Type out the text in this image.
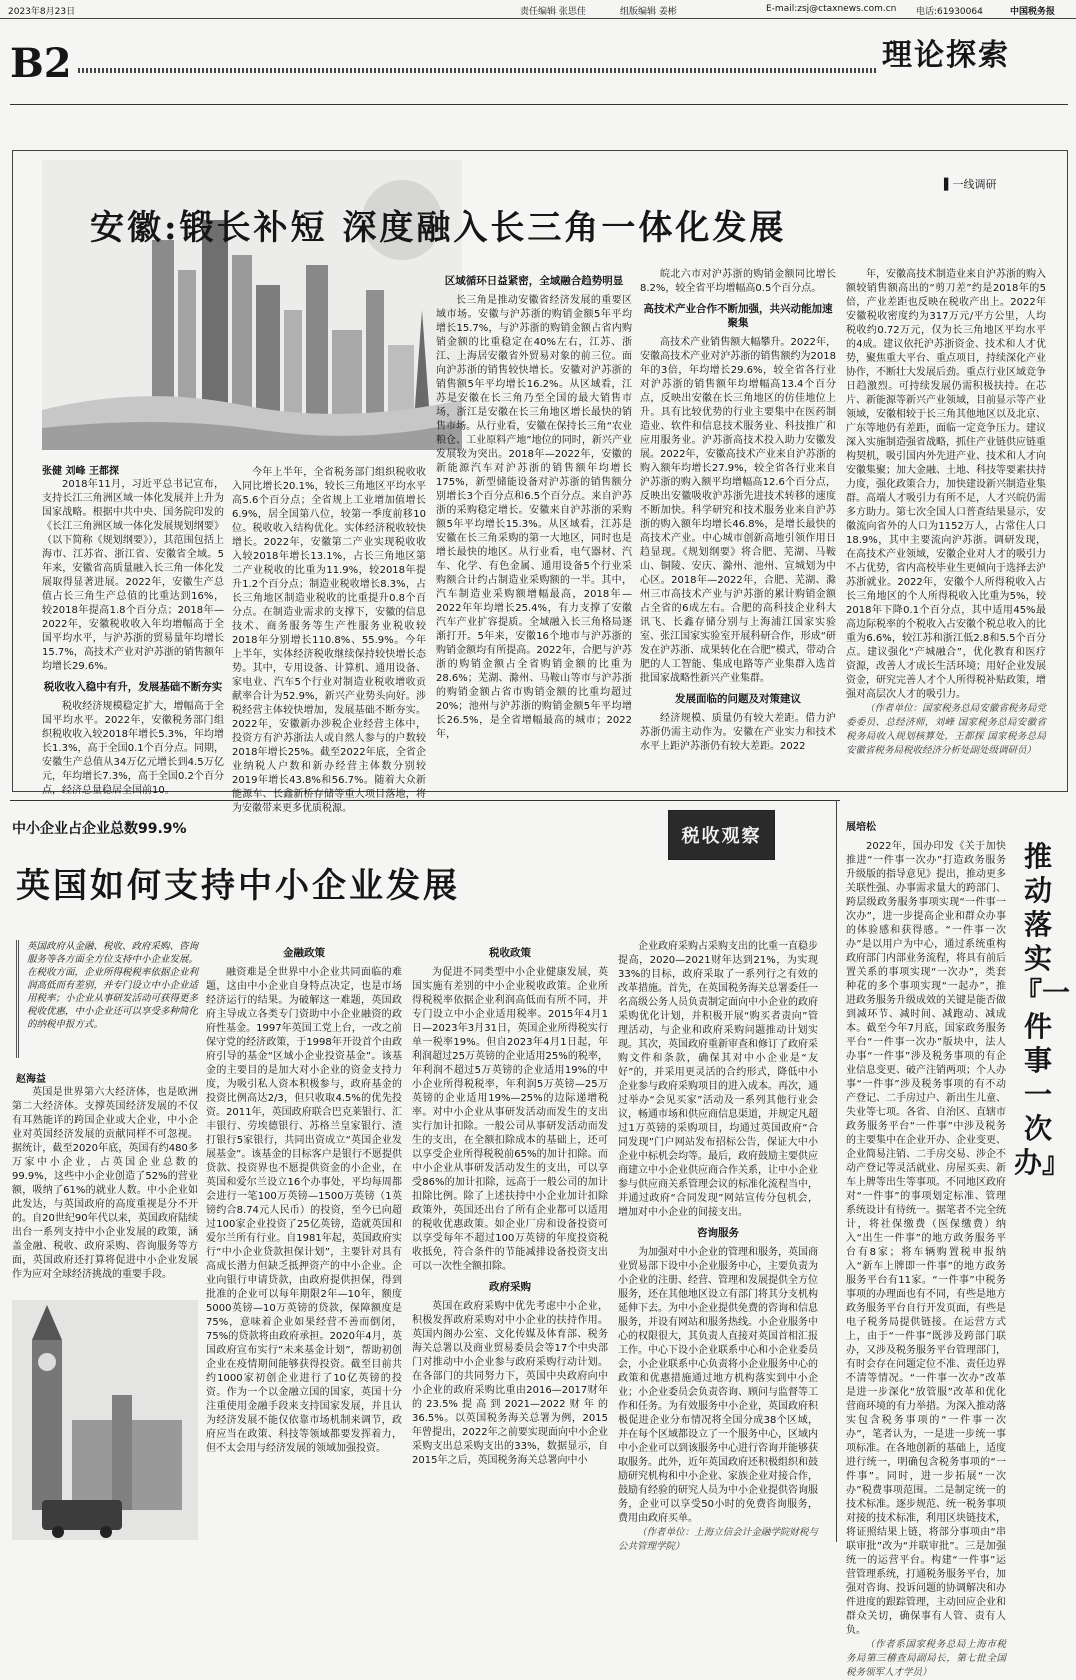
2023年8月23日	责任编辑 张思佳	组版编辑 姜彬	E-mail:zsj@ctaxnews.com.cn 电话:61930064	中国税务报
B2	理论探索
安徽:锻长补短 深度融入长三角一体化发展
▌一线调研
张健 刘峰 王都探

2018年11月，习近平总书记宣布，支持长江三角洲区域一体化发展并上升为国家战略。根据中共中央、国务院印发的《长江三角洲区域一体化发展规划纲要》（以下简称《规划纲要》），其范围包括上海市、江苏省、浙江省、安徽省全域。5年来，安徽省高质量融入长三角一体化发展取得显著进展。2022年，安徽生产总值占长三角生产总值的比重达到16%，较2018年提高1.8个百分点；2018年—2022年，安徽税收收入年均增幅高于全国平均水平，与沪苏浙的贸易量年均增长15.7%，高技术产业对沪苏浙的销售额年均增长29.6%。

税收收入稳中有升，发展基础不断夯实

税收经济规模稳定扩大，增幅高于全国平均水平。2022年，安徽税务部门组织税收收入较2018年增长5.3%，年均增长1.3%，高于全国0.1个百分点。同期，安徽生产总值从34万亿元增长到4.5万亿元，年均增长7.3%，高于全国0.2个百分点，经济总量稳居全国前10。

今年上半年，全省税务部门组织税收收入同比增长20.1%，较长三角地区平均水平高5.6个百分点；全省规上工业增加值增长6.9%，居全国第八位，较第一季度前移10位。税收收入结构优化。实体经济税收较快增长。2022年，安徽第二产业实现税收收入较2018年增长13.1%，占长三角地区第二产业税收的比重为11.9%，较2018年提升1.2个百分点；制造业税收增长8.3%，占长三角地区制造业税收的比重提升0.8个百分点。在制造业需求的支撑下，安徽的信息技术、商务服务等生产性服务业税收较2018年分别增长110.8%、55.9%。今年上半年，实体经济税收继续保持较快增长态势。其中，专用设备、计算机、通用设备、家电业、汽车5个行业对制造业税收增收贡献率合计为52.9%，新兴产业势头向好。涉税经营主体较快增加，发展基础不断夯实。2022年，安徽新办涉税企业经营主体中，投资方有沪苏浙法人或自然人参与的户数较2018年增长25%。截至2022年底，全省企业纳税人户数和新办经营主体数分别较2019年增长43.8%和56.7%。随着大众新能源车、长鑫新桥存储等重大项目落地，将为安徽带来更多优质税源。

区域循环日益紧密，全域融合趋势明显

长三角是推动安徽省经济发展的重要区域市场。安徽与沪苏浙的购销金额5年平均增长15.7%，与沪苏浙的购销金额占省内购销金额的比重稳定在40%左右，江苏、浙江、上海居安徽省外贸易对象的前三位。面向沪苏浙的销售较快增长。安徽对沪苏浙的销售额5年平均增长16.2%。从区域看，江苏是安徽在长三角乃至全国的最大销售市场，浙江是安徽在长三角地区增长最快的销售市场。从行业看，安徽在保持长三角“农业粮仓、工业原料产地”地位的同时，新兴产业发展较为突出。2018年—2022年，安徽的新能源汽车对沪苏浙的销售额年均增长175%，新型储能设备对沪苏浙的销售额分别增长3个百分点和6.5个百分点。来自沪苏浙的采购稳定增长。安徽来自沪苏浙的采购额5年平均增长15.3%。从区域看，江苏是安徽在长三角采购的第一大地区，同时也是增长最快的地区。从行业看，电气器材、汽车、化学、有色金属、通用设备5个行业采购额合计约占制造业采购额的一半。其中，汽车制造业采购额增幅最高，2018年—2022年年均增长25.4%，有力支撑了安徽汽车产业扩容提质。全域融入长三角格局逐渐打开。5年来，安徽16个地市与沪苏浙的购销金额均有所提高。2022年，合肥与沪苏浙的购销金额占全省购销金额的比重为28.6%；芜湖、滁州、马鞍山等市与沪苏浙的购销金额占省市购销金额的比重均超过20%；池州与沪苏浙的购销金额5年平均增长26.5%，是全省增幅最高的城市；2022年，

皖北六市对沪苏浙的购销金额同比增长8.2%，较全省平均增幅高0.5个百分点。

高技术产业合作不断加强，共兴动能加速聚集

高技术产业销售额大幅攀升。2022年，安徽高技术产业对沪苏浙的销售额约为2018年的3倍，年均增长29.6%，较全省各行业对沪苏浙的销售额年均增幅高13.4个百分点，反映出安徽在长三角地区的仿佳地位上升。具有比较优势的行业主要集中在医药制造业、软件和信息技术服务业、科技推广和应用服务业。沪苏浙高技术投入助力安徽发展。2022年，安徽高技术产业来自沪苏浙的购入额年均增长27.9%，较全省各行业来自沪苏浙的购入额平均增幅高12.6个百分点，反映出安徽吸收沪苏浙先进技术转移的速度不断加快。科学研究和技术服务业来自沪苏浙的购入额年均增长46.8%，是增长最快的高技术产业。中心城市创新高地引领作用日趋显现。《规划纲要》将合肥、芜湖、马鞍山、铜陵、安庆、滁州、池州、宣城划为中心区。2018年—2022年，合肥、芜湖、滁州三市高技术产业与沪苏浙的累计购销金额占全省的6成左右。合肥的高科技企业科大讯飞、长鑫存储分别与上海浦江国家实验室、张江国家实验室开展科研合作，形成“研发在沪苏浙、成果转化在合肥”模式，带动合肥的人工智能、集成电路等产业集群入选首批国家战略性新兴产业集群。

发展面临的问题及对策建议

经济规模、质量仍有较大差距。借力沪苏浙仍需主动作为。安徽在产业实力和技术水平上距沪苏浙仍有较大差距。2022

年，安徽高技术制造业来自沪苏浙的购入额较销售额高出的“剪刀差”约是2018年的5倍，产业差距也反映在税收产出上。2022年安徽税收密度约为317万元/平方公里，人均税收约0.72万元，仅为长三角地区平均水平的4成。建议依托沪苏浙资金、技术和人才优势，聚焦重大平台、重点项目，持续深化产业协作，不断壮大发展后劲。重点行业区域竞争日趋激烈。可持续发展仍需积极扶持。在芯片、新能源等新兴产业领域，目前显示等产业领域，安徽相较于长三角其他地区以及北京、广东等地仍有差距，面临一定竞争压力。建议深入实施制造强省战略，抓住产业链供应链重构契机，吸引国内外先进产业、技术和人才向安徽集聚；加大金融、土地、科技等要素扶持力度，强化政策合力，加快建设新兴制造业集群。高端人才吸引力有所不足，人才兴皖仍需多方助力。第七次全国人口普查结果显示，安徽流向省外的人口为1152万人，占常住人口18.9%，其中主要流向沪苏浙。调研发现，在高技术产业领域，安徽企业对人才的吸引力不占优势，省内高校毕业生更倾向于选择去沪苏浙就业。2022年，安徽个人所得税收入占长三角地区的个人所得税收入比重为5%，较2018年下降0.1个百分点，其中适用45%最高边际税率的个税收入占安徽个税总收入的比重为6.6%，较江苏和浙江低2.8和5.5个百分点。建议强化“产城融合”，优化教育和医疗资源，改善人才成长生活环境；用好企业发展资金，研究完善人才个人所得税补贴政策，增强对高层次人才的吸引力。

（作者单位：国家税务总局安徽省税务局党委委员、总经济师，刘峰 国家税务总局安徽省税务局收入规划核算处，王都探 国家税务总局安徽省税务局税收经济分析处副处级调研员）

中小企业占企业总数99.9%	税收观察
英国如何支持中小企业发展
英国政府从金融、税收、政府采购、咨询服务等各方面全方位支持中小企业发展。在税收方面，企业所得税税率依据企业利润高低而有差别，并专门设立中小企业适用税率；小企业从事研发活动可获得更多税收优惠，中小企业还可以享受多种简化的纳税申报方式。
赵海益

英国是世界第六大经济体，也是欧洲第二大经济体。支撑英国经济发展的不仅有耳熟能详的跨国企业或大企业，中小企业对英国经济发展的贡献同样不可忽视。据统计，截至2020年底，英国有约480多万家中小企业，占英国企业总数的99.9%，这些中小企业创造了52%的营业额，吸纳了61%的就业人数。中小企业如此发达，与英国政府的高度重视是分不开的。自20世纪90年代以来，英国政府陆续出台一系列支持中小企业发展的政策，涵盖金融、税收、政府采购、咨询服务等方面，英国政府还打算将促进中小企业发展作为应对全球经济挑战的重要手段。

金融政策

融资难是全世界中小企业共同面临的难题，这由中小企业自身特点决定，也是市场经济运行的结果。为破解这一难题，英国政府主导成立各类专门资助中小企业融资的政府性基金。1997年英国工党上台，一改之前保守党的经济政策，于1998年开设首个由政府引导的基金“区域小企业投资基金”。该基金的主要目的是加大对小企业的资金支持力度，为吸引私人资本积极参与，政府基金的投资比例高达2/3，但只收取4.5%的优先投资。2011年，英国政府联合巴克莱银行、汇丰银行、劳埃德银行、苏格兰皇家银行、渣打银行5家银行，共同出资成立“英国企业发展基金”。该基金的目标客户是银行不愿提供贷款、投资界也不愿提供资金的小企业，在英国和爱尔兰设立16个办事处，平均每周都会进行一笔100万英镑—1500万英镑（1英镑约合8.74元人民币）的投资，至今已向超过100家企业投资了25亿英镑，造就英国和爱尔兰所有行业。自1981年起，英国政府实行“中小企业贷款担保计划”，主要针对具有高成长潜力但缺乏抵押资产的中小企业。企业向银行申请贷款，由政府提供担保，得到批准的企业可以每年期限2年—10年，额度5000英镑—10万英镑的贷款，保障额度是75%，意味着企业如果经营不善而倒闭，75%的贷款将由政府承担。2020年4月，英国政府宣布实行“未来基金计划”，帮助初创企业在疫情期间能够获得投资。截至目前共约1000家初创企业进行了10亿英镑的投资。作为一个以金融立国的国家，英国十分注重使用金融手段来支持国家发展，并且认为经济发展不能仅依靠市场机制来调节，政府应当在政策、科技等领域都要发挥着力，但不太会用与经济发展的领域加强投资。

税收政策

为促进不同类型中小企业健康发展，英国实施有差别的中小企业税收政策。企业所得税税率依据企业利润高低而有所不同，并专门设立中小企业适用税率。2015年4月1日—2023年3月31日，英国企业所得税实行单一税率19%。但自2023年4月1日起，年利润超过25万英镑的企业适用25%的税率，年利润不超过5万英镑的企业适用19%的中小企业所得税税率，年利润5万英镑—25万英镑的企业适用19%—25%的边际递增税率。对中小企业从事研发活动而发生的支出实行加计扣除。一般公司从事研发活动而发生的支出，在全额扣除成本的基础上，还可以享受企业所得税税前65%的加计扣除。而中小企业从事研发活动发生的支出，可以享受86%的加计扣除，远高于一般公司的加计扣除比例。除了上述扶持中小企业加计扣除政策外，英国还出台了所有企业都可以适用的税收优惠政策。如企业厂房和设备投资可以享受每年不超过100万英镑的年度投资税收抵免，符合条件的节能减排设备投资支出可以一次性全额扣除。

政府采购

英国在政府采购中优先考虑中小企业，积极发挥政府采购对中小企业的扶持作用。英国内阁办公室、文化传媒及体育部、税务海关总署以及商业贸易委员会等17个中央部门对推动中小企业参与政府采购行动计划。在各部门的共同努力下，英国中央政府向中小企业的政府采购比重由2016—2017财年的23.5%提高到2021—2022财年的36.5%。以英国税务海关总署为例，2015年曾提出，2022年之前要实现面向中小企业采购支出总采购支出的33%，数据显示，自2015年之后，英国税务海关总署向中小

企业政府采购占采购支出的比重一直稳步提高，2020—2021财年达到21%，为实现33%的目标，政府采取了一系列行之有效的改革措施。首先，在英国税务海关总署委任一名高级公务人员负责制定面向中小企业的政府采购优化计划，并积极开展“购买者责向”管理活动，与企业和政府采购问题推动计划实现。其次，英国政府重新审查和修订了政府采购文件和条款，确保其对中小企业是“友好”的，并采用更灵活的合约形式，降低中小企业参与政府采购项目的进入成本。再次，通过举办“会见买家”活动及一系列其他行业会议，畅通市场和供应商信息渠道，并规定凡超过1万英镑的采购项目，均通过英国政府“合同发现”门户网站发布招标公告，保证大中小企业中标机会均等。最后，政府鼓励主要供应商建立中小企业供应商合作关系，让中小企业参与供应商关系管理会议的标准化流程当中，并通过政府“合同发现”网站宣传分包机会，增加对中小企业的间接支出。

咨询服务

为加强对中小企业的管理和服务，英国商业贸易部下设中小企业服务中心，主要负责为小企业的注册、经营、管理和发展提供全方位服务，还在其他地区设立有部门将其分支机构延伸下去。为中小企业提供免费的咨询和信息服务，并设有网站和服务热线。小企业服务中心的权限很大，其负责人直接对英国首相汇报工作。中心下设小企业联系中心和小企业委员会，小企业联系中心负责将小企业服务中心的政策和优惠措施通过地方机构落实到中小企业；小企业委员会负责咨询、顾问与监督等工作和任务。为有效服务中小企业，英国政府积极促进企业分布情况将全国分成38个区域，并在每个区域都设立了一个服务中心，区域内中小企业可以到该服务中心进行咨询并能够获取服务。此外，近年英国政府还积极组织和鼓励研究机构和中小企业、家族企业对接合作，鼓励有经验的研究人员为中小企业提供咨询服务，企业可以享受50小时的免费咨询服务，费用由政府买单。

（作者单位：上海立信会计金融学院财税与公共管理学院）

展培松
推动落实『一件事一次办』

2022年，国办印发《关于加快推进“一件事一次办”打造政务服务升级版的指导意见》提出，推动更多关联性强、办事需求量大的跨部门、跨层级政务服务事项实现“一件事一次办”，进一步提高企业和群众办事的体验感和获得感。“一件事一次办”是以用户为中心，通过系统重构政府部门内部业务流程，将具有前后置关系的事项实现“一次办”，类套种花的多个事项实现“一起办”，推进政务服务升级成效的关键是能否做到减环节、减时间、减跑动、减成本。截至今年7月底，国家政务服务平台“一件事一次办”版块中，法人办事“一件事”涉及税务事项的有企业信息变更、破产注销两项；个人办事“一件事”涉及税务事项的有不动产登记、二手房过户、新出生儿童、失业等七项。各省、自治区、直辖市政务服务平台“一件事”中涉及税务的主要集中在企业开办、企业变更、企业简易注销、二手房交易、涉企不动产登记等灵活就业、房屋买卖、新车上牌等出生等事项。不同地区政府对“一件事”的事项划定标准、管理系统设计有待统一。据笔者不完全统计，将社保缴费（医保缴费）纳入“出生一件事”的地方政务服务平台有8家；将车辆购置税申报纳入“新车上牌即一件事”的地方政务服务平台有11家。“一件事”中税务事项的办理面也有不同，有些是地方政务服务平台自行开发页面，有些是电子税务局提供链接。在运营方式上，由于“一件事”既涉及跨部门联办，又涉及税务服务平台管理部门，有时会存在问题定位不准、责任边界不清等情况。“一件事一次办”改革是进一步深化“放管服”改革和优化营商环境的有力举措。为深入推动落实包含税务事项的“一件事一次办”，笔者认为，一是进一步统一事项标准。在各地创新的基础上，适度进行统一，明确包含税务事项的“一件事”。同时，进一步拓展“一次办”税费事项范围。二是制定统一的技术标准。逐步规范、统一税务事项对接的技术标准，利用区块链技术，将证照结果上链，将部分事项由“串联审批”改为“并联审批”。三是加强统一的运营平台。构建“一件事”运营管理系统，打通税务服务平台，加强对咨询、投诉问题的协调解决和办件进度的跟踪管理，主动回应企业和群众关切，确保事有人管、责有人负。

（作者系国家税务总局上海市税务局第三稽查局副局长，第七批全国税务领军人才学员）
